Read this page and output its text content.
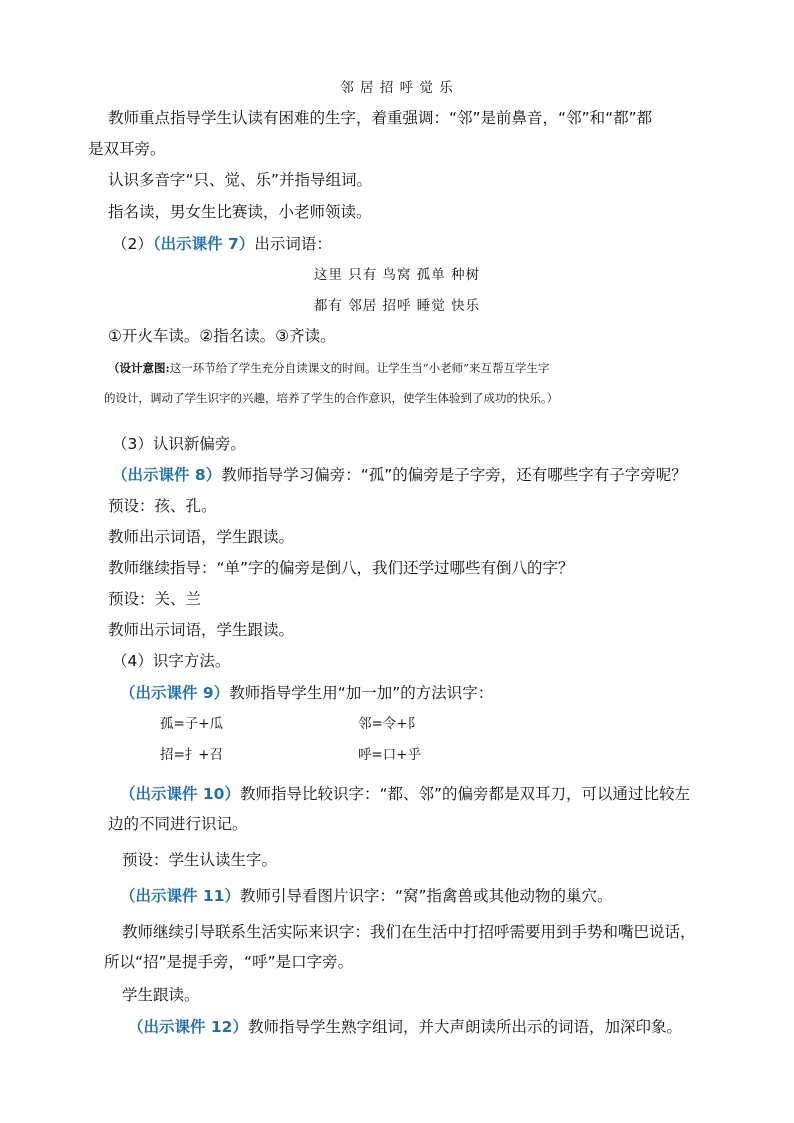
邻 居 招 呼 觉 乐
教师重点指导学生认读有困难的生字，着重强调：“邻”是前鼻音，“邻”和“都”都
是双耳旁。
认识多音字“只、觉、乐”并指导组词。
指名读，男女生比赛读，小老师领读。
（2）（出示课件 7）出示词语：
这里 只有 鸟窝 孤单 种树
都有 邻居 招呼 睡觉 快乐
①开火车读。②指名读。③齐读。
（设计意图:这一环节给了学生充分自读课文的时间。让学生当“小老师”来互帮互学生字
的设计，调动了学生识字的兴趣，培养了学生的合作意识，使学生体验到了成功的快乐。）
（3）认识新偏旁。
（出示课件 8）教师指导学习偏旁：“孤”的偏旁是子字旁，还有哪些字有子字旁呢？
预设：孩、孔。
教师出示词语，学生跟读。
教师继续指导：“单”字的偏旁是倒八，我们还学过哪些有倒八的字？
预设：关、兰
教师出示词语，学生跟读。
（4）识字方法。
（出示课件 9）教师指导学生用“加一加”的方法识字：
孤=子+瓜	邻=令+阝
招=扌+召	呼=口+乎
（出示课件 10）教师指导比较识字：“都、邻”的偏旁都是双耳刀，可以通过比较左
边的不同进行识记。
预设：学生认读生字。
（出示课件 11）教师引导看图片识字：“窝”指禽兽或其他动物的巢穴。
教师继续引导联系生活实际来识字：我们在生活中打招呼需要用到手势和嘴巴说话，
所以“招”是提手旁，“呼”是口字旁。
学生跟读。
（出示课件 12）教师指导学生熟字组词，并大声朗读所出示的词语，加深印象。
